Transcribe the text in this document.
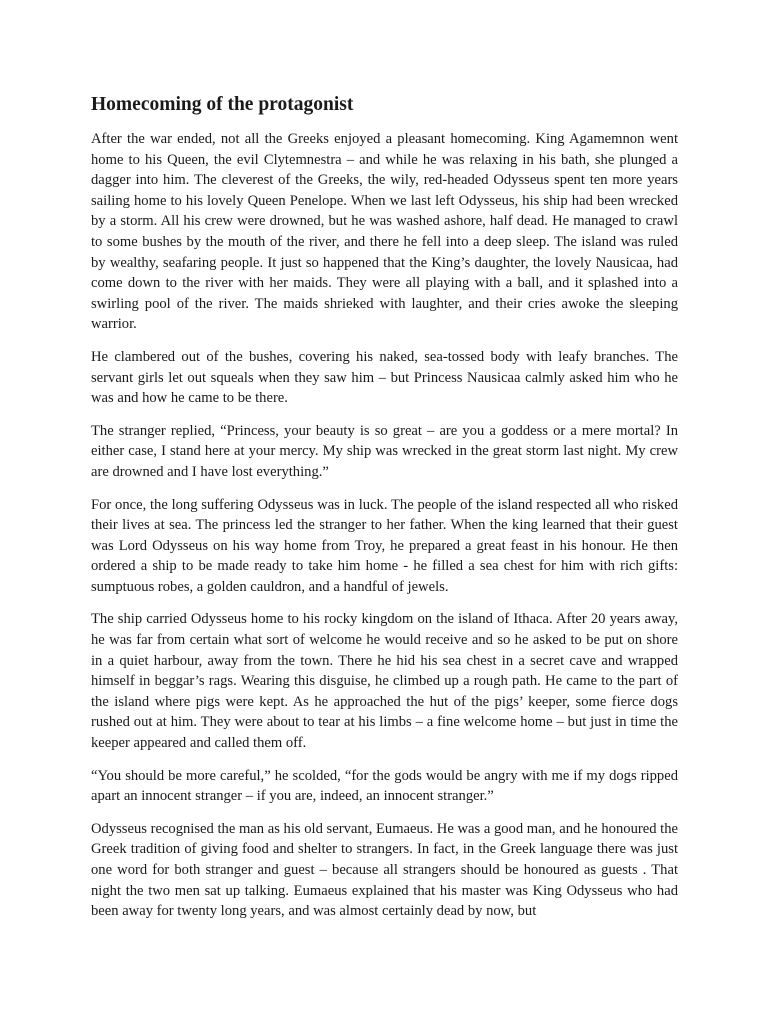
Homecoming of the protagonist

After the war ended, not all the Greeks enjoyed a pleasant homecoming. King Agamemnon went home to his Queen, the evil Clytemnestra – and while he was relaxing in his bath, she plunged a dagger into him. The cleverest of the Greeks, the wily, red-headed Odysseus spent ten more years sailing home to his lovely Queen Penelope. When we last left Odysseus, his ship had been wrecked by a storm. All his crew were drowned, but he was washed ashore, half dead. He managed to crawl to some bushes by the mouth of the river, and there he fell into a deep sleep. The island was ruled by wealthy, seafaring people. It just so happened that the King’s daughter, the lovely Nausicaa, had come down to the river with her maids. They were all playing with a ball, and it splashed into a swirling pool of the river. The maids shrieked with laughter, and their cries awoke the sleeping warrior.

He clambered out of the bushes, covering his naked, sea-tossed body with leafy branches. The servant girls let out squeals when they saw him – but Princess Nausicaa calmly asked him who he was and how he came to be there.

The stranger replied, “Princess, your beauty is so great – are you a goddess or a mere mortal? In either case, I stand here at your mercy. My ship was wrecked in the great storm last night. My crew are drowned and I have lost everything.”

For once, the long suffering Odysseus was in luck. The people of the island respected all who risked their lives at sea. The princess led the stranger to her father. When the king learned that their guest was Lord Odysseus on his way home from Troy, he prepared a great feast in his honour. He then ordered a ship to be made ready to take him home - he filled a sea chest for him with rich gifts: sumptuous robes, a golden cauldron, and a handful of jewels.

The ship carried Odysseus home to his rocky kingdom on the island of Ithaca. After 20 years away, he was far from certain what sort of welcome he would receive and so he asked to be put on shore in a quiet harbour, away from the town. There he hid his sea chest in a secret cave and wrapped himself in beggar’s rags. Wearing this disguise, he climbed up a rough path. He came to the part of the island where pigs were kept. As he approached the hut of the pigs’ keeper, some fierce dogs rushed out at him. They were about to tear at his limbs – a fine welcome home – but just in time the keeper appeared and called them off.

“You should be more careful,” he scolded, “for the gods would be angry with me if my dogs ripped apart an innocent stranger – if you are, indeed, an innocent stranger.”

Odysseus recognised the man as his old servant, Eumaeus. He was a good man, and he honoured the Greek tradition of giving food and shelter to strangers. In fact, in the Greek language there was just one word for both stranger and guest – because all strangers should be honoured as guests . That night the two men sat up talking. Eumaeus explained that his master was King Odysseus who had been away for twenty long years, and was almost certainly dead by now, but
